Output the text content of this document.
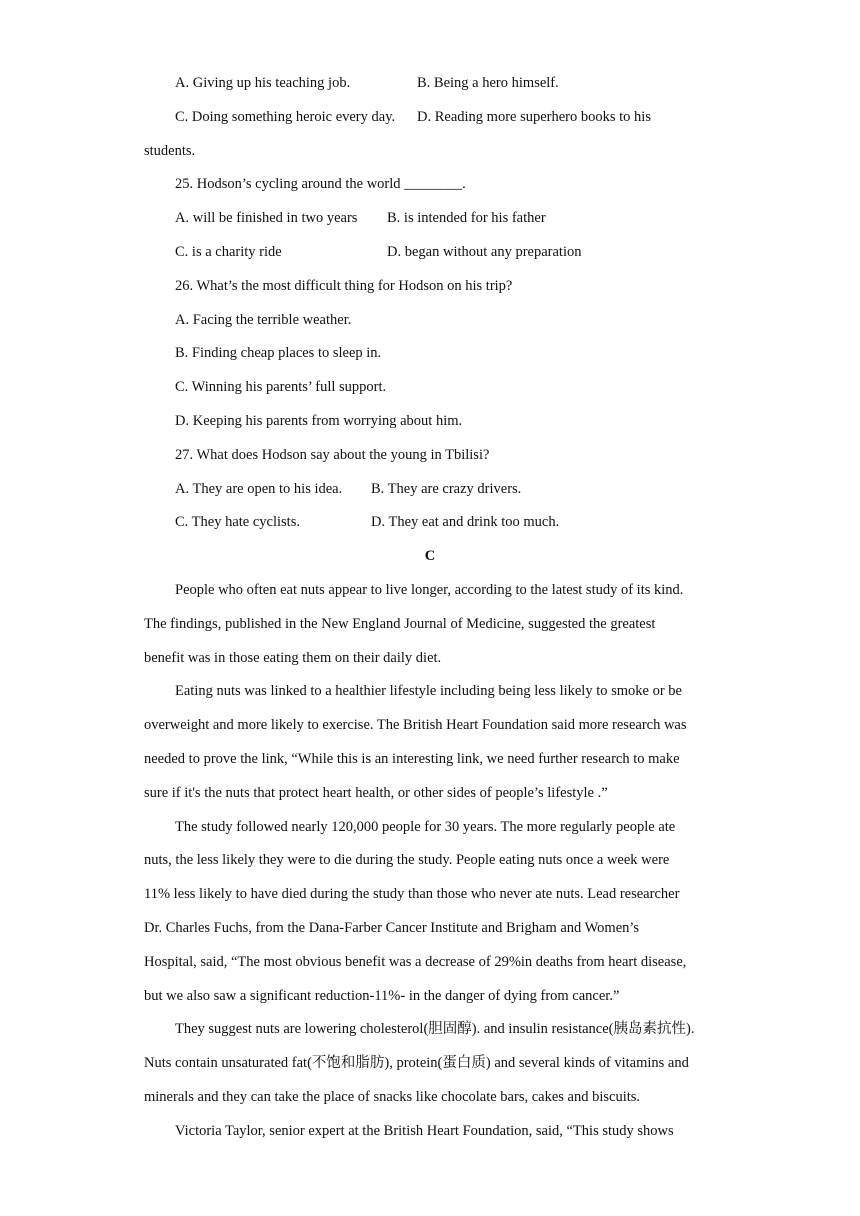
A. Giving up his teaching job.	B. Being a hero himself.
C. Doing something heroic every day. D. Reading more superhero books to his
students.
25. Hodson’s cycling around the world ________.
A. will be finished in two years B. is intended for his father
C. is a charity ride	D. began without any preparation
26. What’s the most difficult thing for Hodson on his trip?
A. Facing the terrible weather.
B. Finding cheap places to sleep in.
C. Winning his parents’ full support.
D. Keeping his parents from worrying about him.
27. What does Hodson say about the young in Tbilisi?
A. They are open to his idea. B. They are crazy drivers.
C. They hate cyclists.	D. They eat and drink too much.
C
People who often eat nuts appear to live longer, according to the latest study of its kind.
The findings, published in the New England Journal of Medicine, suggested the greatest
benefit was in those eating them on their daily diet.
Eating nuts was linked to a healthier lifestyle including being less likely to smoke or be
overweight and more likely to exercise. The British Heart Foundation said more research was
needed to prove the link, “While this is an interesting link, we need further research to make
sure if it's the nuts that protect heart health, or other sides of people’s lifestyle .”
The study followed nearly 120,000 people for 30 years. The more regularly people ate
nuts, the less likely they were to die during the study. People eating nuts once a week were
11% less likely to have died during the study than those who never ate nuts. Lead researcher
Dr. Charles Fuchs, from the Dana-Farber Cancer Institute and Brigham and Women’s
Hospital, said, “The most obvious benefit was a decrease of 29%in deaths from heart disease,
but we also saw a significant reduction-11%- in the danger of dying from cancer.”
They suggest nuts are lowering cholesterol(胆固醇). and insulin resistance(胰岛素抗性).
Nuts contain unsaturated fat(不饱和脂肪), protein(蛋白质) and several kinds of vitamins and
minerals and they can take the place of snacks like chocolate bars, cakes and biscuits.
Victoria Taylor, senior expert at the British Heart Foundation, said, “This study shows
